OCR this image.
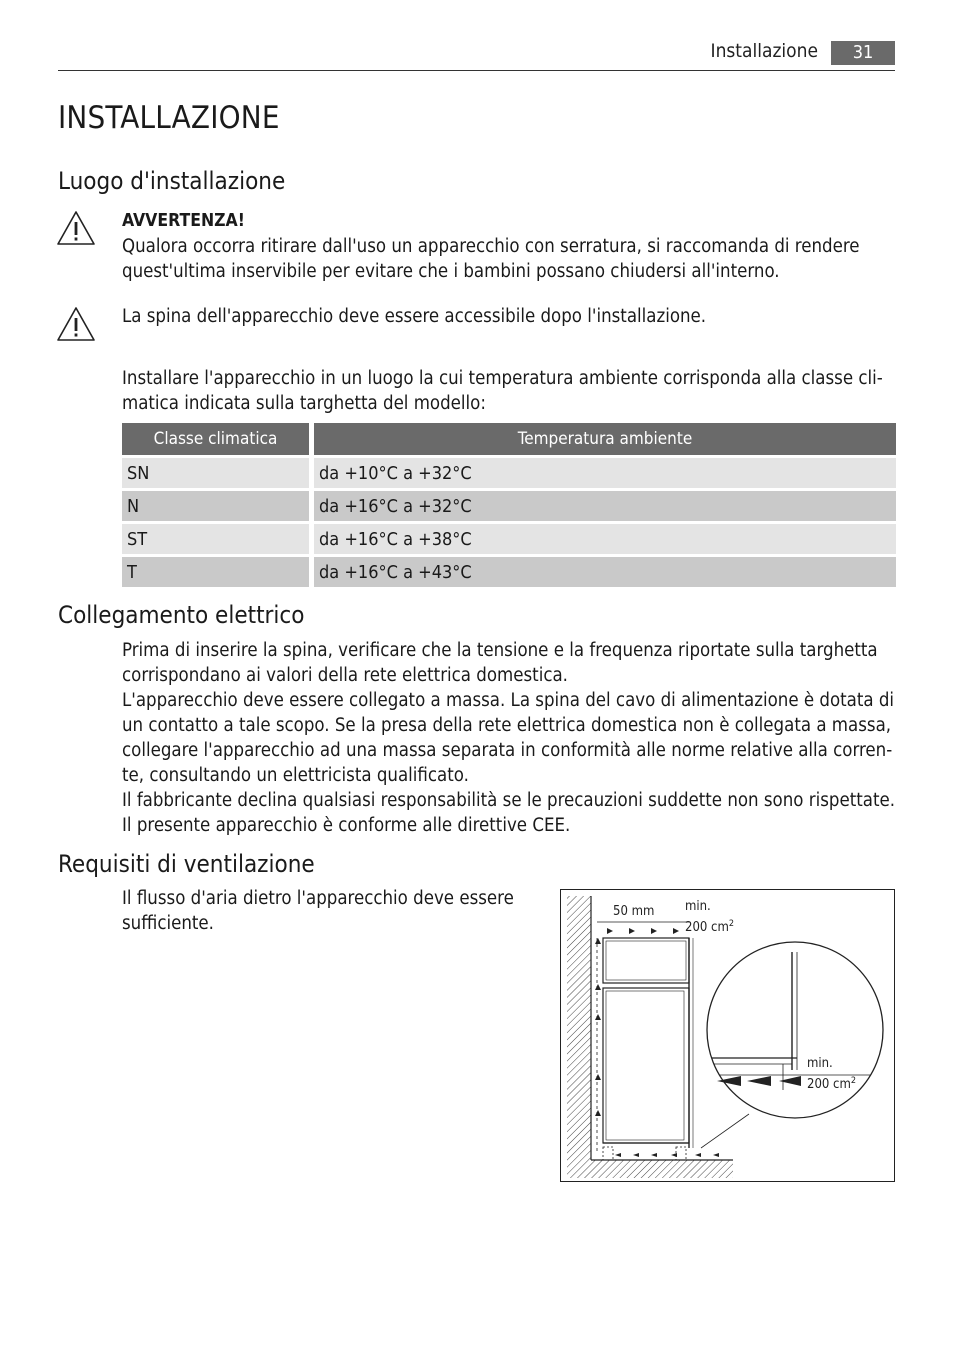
Installazione	31
INSTALLAZIONE
Luogo d'installazione
AVVERTENZA!
Qualora occorra ritirare dall'uso un apparecchio con serratura, si raccomanda di rendere
quest'ultima inservibile per evitare che i bambini possano chiudersi all'interno.
La spina dell'apparecchio deve essere accessibile dopo l'installazione.
Installare l'apparecchio in un luogo la cui temperatura ambiente corrisponda alla classe cli-
matica indicata sulla targhetta del modello:
Classe climatica		Temperatura ambiente
SN		da +10°C a +32°C
N		da +16°C a +32°C
ST		da +16°C a +38°C
T		da +16°C a +43°C
Collegamento elettrico
Prima di inserire la spina, verificare che la tensione e la frequenza riportate sulla targhetta
corrispondano ai valori della rete elettrica domestica.
L'apparecchio deve essere collegato a massa. La spina del cavo di alimentazione è dotata di
un contatto a tale scopo. Se la presa della rete elettrica domestica non è collegata a massa,
collegare l'apparecchio ad una massa separata in conformità alle norme relative alla corren-
te, consultando un elettricista qualificato.
Il fabbricante declina qualsiasi responsabilità se le precauzioni suddette non sono rispettate.
Il presente apparecchio è conforme alle direttive CEE.
Requisiti di ventilazione
Il flusso d'aria dietro l'apparecchio deve essere
sufficiente.
50 mm min.
200 $cm^2$
min.
200 $cm^2$
